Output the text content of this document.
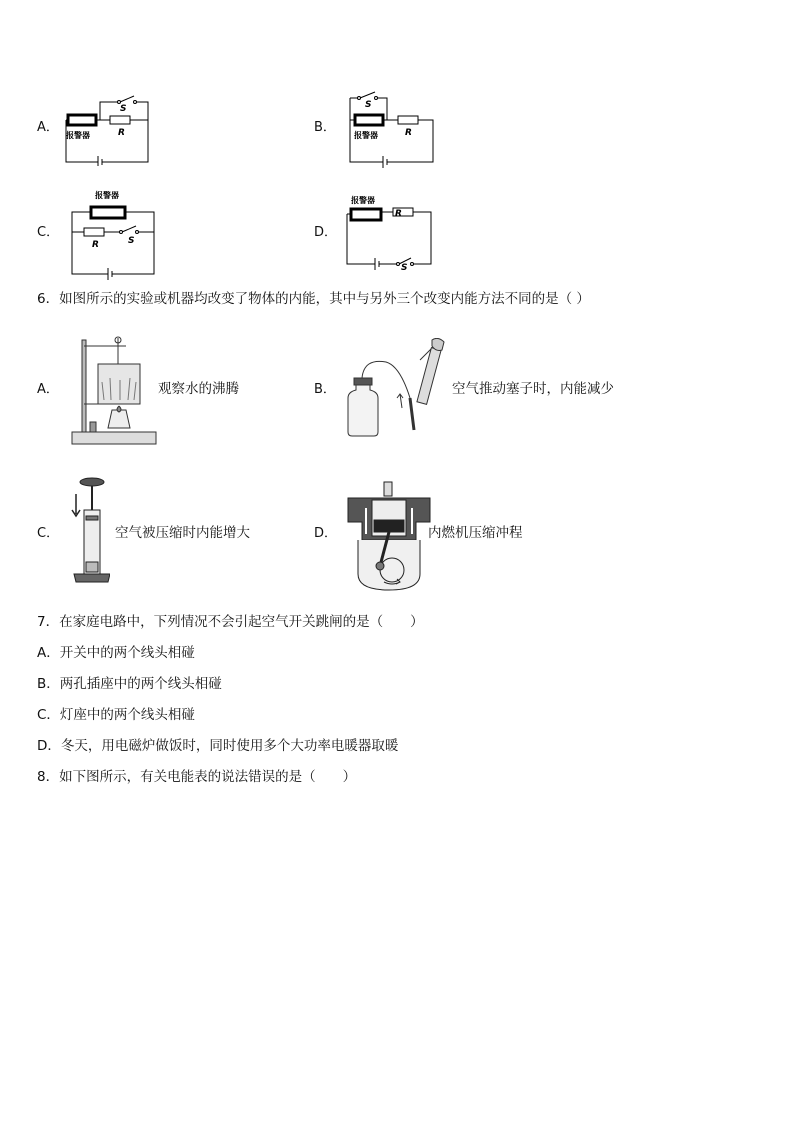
A．
报警器	R
S
B．
报警器	R
S
C．
报警器
R	S
D．
报警器
S
R
6．如图所示的实验或机器均改变了物体的内能，其中与另外三个改变内能方法不同的是（ ）
A．	观察水的沸腾	B．	空气推动塞子时，内能减少
C．	空气被压缩时内能增大	D．	内燃机压缩冲程
7．在家庭电路中，下列情况不会引起空气开关跳闸的是（　　）
A．开关中的两个线头相碰
B．两孔插座中的两个线头相碰
C．灯座中的两个线头相碰
D．冬天，用电磁炉做饭时，同时使用多个大功率电暖器取暖
8．如下图所示，有关电能表的说法错误的是（　　）
